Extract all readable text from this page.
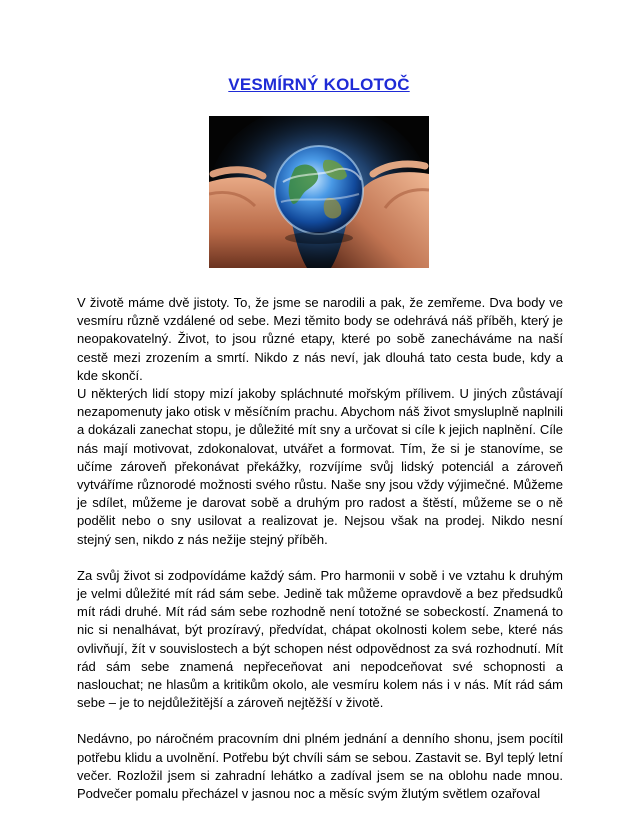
VESMÍRNÝ KOLOTOČ

V životě máme dvě jistoty. To, že jsme se narodili a pak, že zemřeme. Dva body ve vesmíru různě vzdálené od sebe. Mezi těmito body se odehrává náš příběh, který je neopakovatelný. Život, to jsou různé etapy, které po sobě zanecháváme na naší cestě mezi zrozením a smrtí. Nikdo z nás neví, jak dlouhá tato cesta bude, kdy a kde skončí.

U některých lidí stopy mizí jakoby spláchnuté mořským přílivem. U jiných zůstávají nezapomenuty jako otisk v měsíčním prachu. Abychom náš život smysluplně naplnili a dokázali zanechat stopu, je důležité mít sny a určovat si cíle k jejich naplnění. Cíle nás mají motivovat, zdokonalovat, utvářet a formovat. Tím, že si je stanovíme, se učíme zároveň překonávat překážky, rozvíjíme svůj lidský potenciál a zároveň vytváříme různorodé možnosti svého růstu. Naše sny jsou vždy výjimečné. Můžeme je sdílet, můžeme je darovat sobě a druhým pro radost a štěstí, můžeme se o ně podělit nebo o sny usilovat a realizovat je. Nejsou však na prodej. Nikdo nesní stejný sen, nikdo z nás nežije stejný příběh.

Za svůj život si zodpovídáme každý sám. Pro harmonii v sobě i ve vztahu k druhým je velmi důležité mít rád sám sebe. Jedině tak můžeme opravdově a bez předsudků mít rádi druhé. Mít rád sám sebe rozhodně není totožné se sobeckostí. Znamená to nic si nenalhávat, být prozíravý, předvídat, chápat okolnosti kolem sebe, které nás ovlivňují, žít v souvislostech a být schopen nést odpovědnost za svá rozhodnutí. Mít rád sám sebe znamená nepřeceňovat ani nepodceňovat své schopnosti a naslouchat; ne hlasům a kritikům okolo, ale vesmíru kolem nás i v nás. Mít rád sám sebe – je to nejdůležitější a zároveň nejtěžší v životě.

Nedávno, po náročném pracovním dni plném jednání a denního shonu, jsem pocítil potřebu klidu a uvolnění. Potřebu být chvíli sám se sebou. Zastavit se. Byl teplý letní večer. Rozložil jsem si zahradní lehátko a zadíval jsem se na oblohu nade mnou. Podvečer pomalu přecházel v jasnou noc a měsíc svým žlutým světlem ozařoval
